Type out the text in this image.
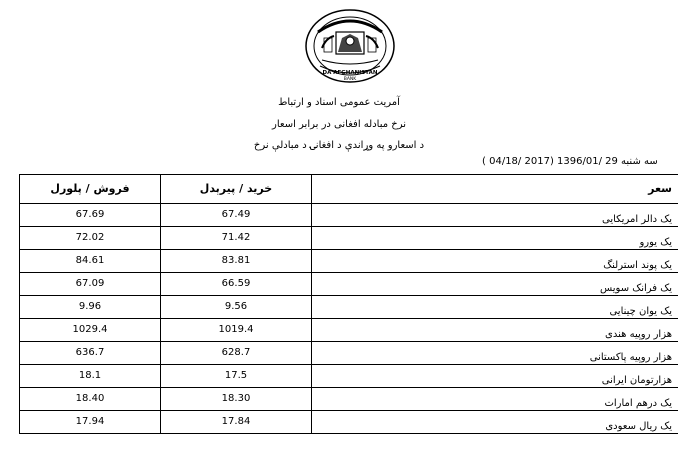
DA AFGHANISTAN
BANK
آمریت عمومی اسناد و ارتباط
نرخ مبادله افغانی در برابر اسعار
د اسعارو په وړاندې د افغانۍ د مبادلې نرخ
سه شنبه 29 /1396/01 (2017 /04/18 )
سعر	خرید / پیرېدل	فروش / پلورل
یک دالر امریکایی	67.49	67.69
یک یورو	71.42	72.02
یک پوند استرلنگ	83.81	84.61
یک فرانک سویس	66.59	67.09
یک یوان چینایی	9.56	9.96
هزار روپیه هندی	1019.4	1029.4
هزار روپیه پاکستانی	628.7	636.7
هزارتومان ایرانی	17.5	18.1
یک درهم امارات	18.30	18.40
یک ریال سعودی	17.84	17.94
